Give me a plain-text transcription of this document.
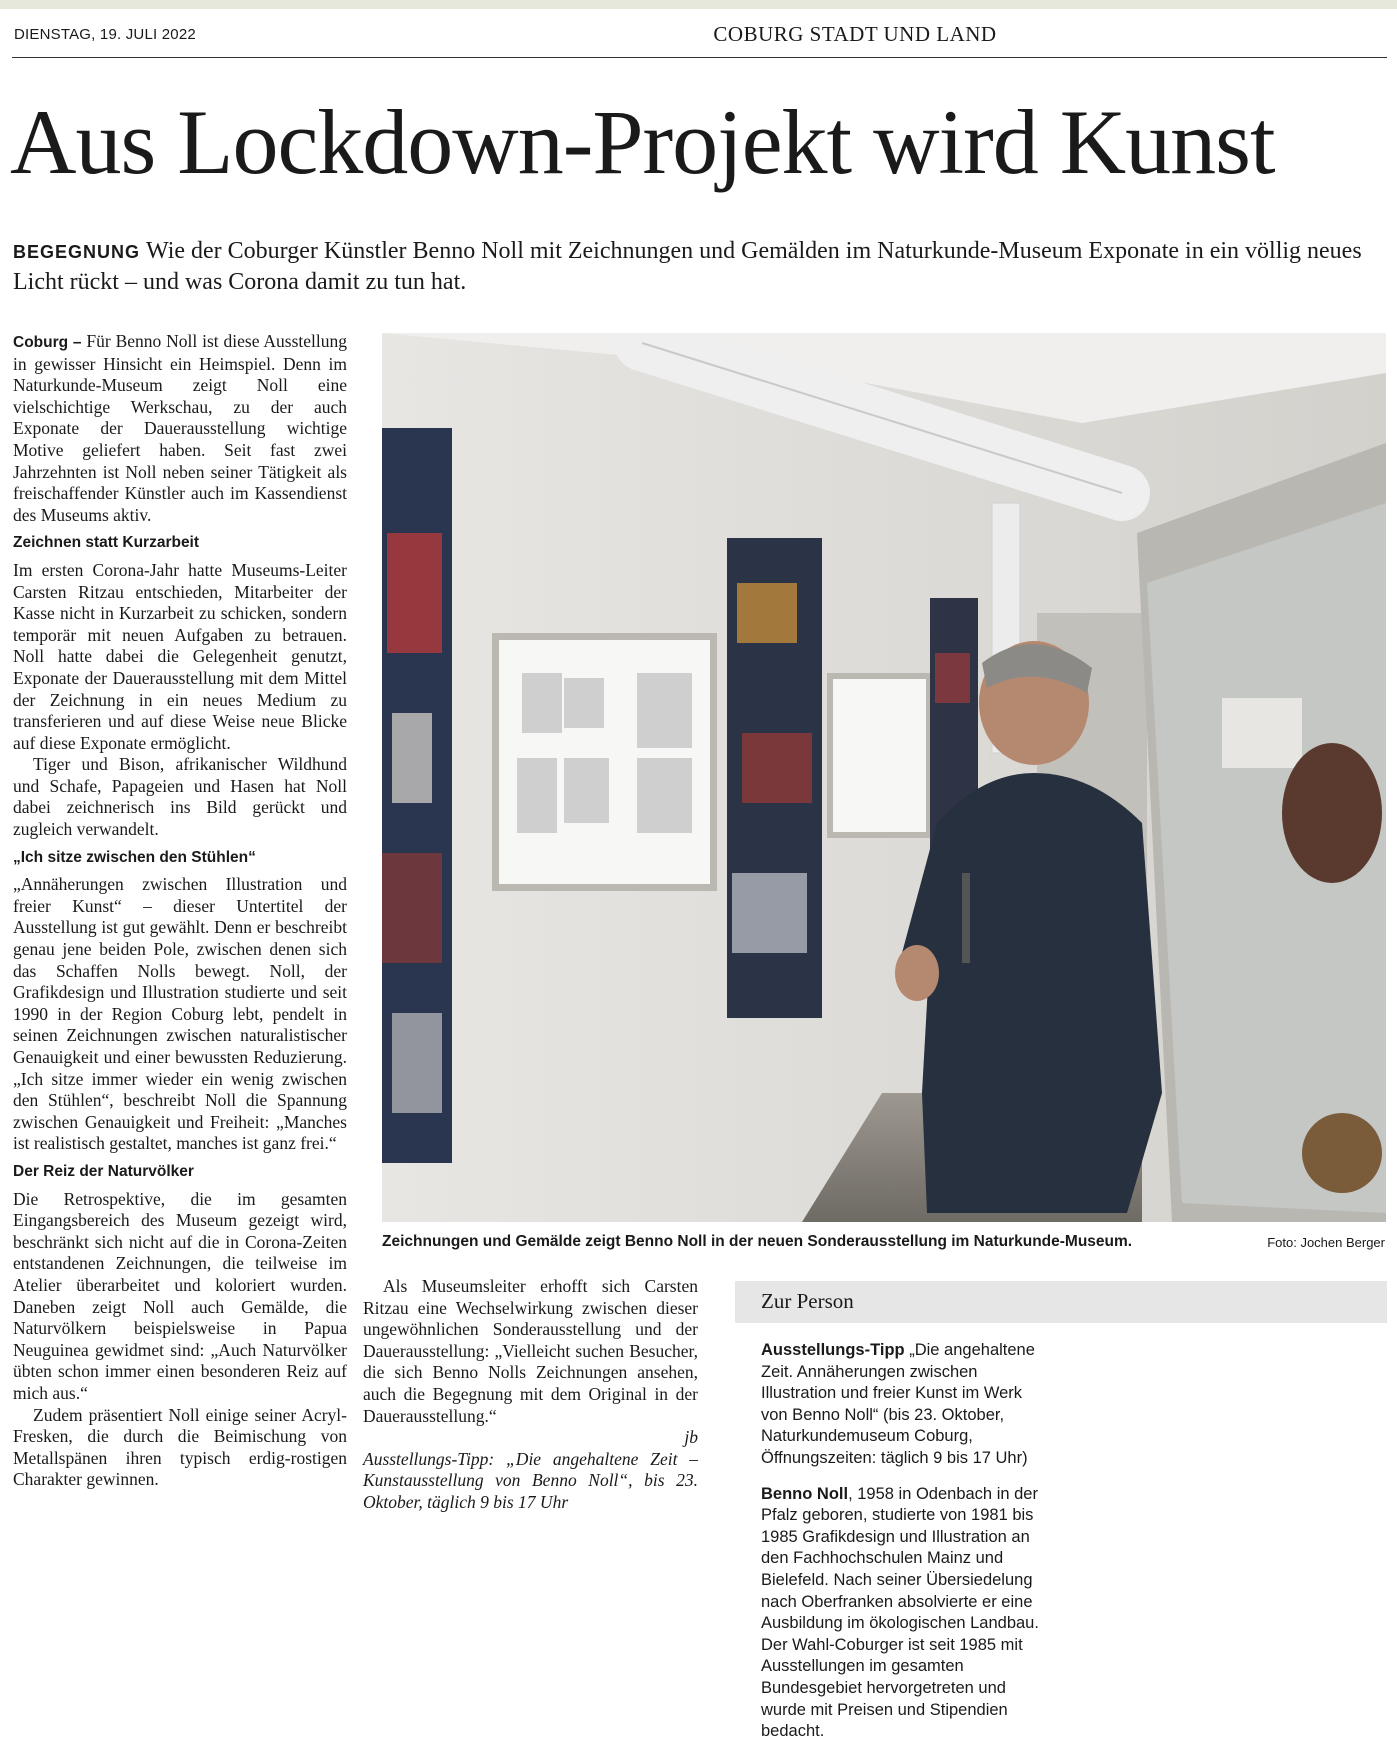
DIENSTAG, 19. JULI 2022	COBURG STADT UND LAND
Aus Lockdown-Projekt wird Kunst
BEGEGNUNG Wie der Coburger Künstler Benno Noll mit Zeichnungen und Gemälden im Naturkunde-Museum Exponate in ein völlig neues Licht rückt – und was Corona damit zu tun hat.

Coburg – Für Benno Noll ist diese Ausstellung in gewisser Hinsicht ein Heimspiel. Denn im Naturkunde-Museum zeigt Noll eine vielschichtige Werkschau, zu der auch Exponate der Dauerausstellung wichtige Motive geliefert haben. Seit fast zwei Jahrzehnten ist Noll neben seiner Tätigkeit als freischaffender Künstler auch im Kassendienst des Museums aktiv.

Zeichnen statt Kurzarbeit

Im ersten Corona-Jahr hatte Museums-Leiter Carsten Ritzau entschieden, Mitarbeiter der Kasse nicht in Kurzarbeit zu schicken, sondern temporär mit neuen Aufgaben zu betrauen. Noll hatte dabei die Gelegenheit genutzt, Exponate der Dauerausstellung mit dem Mittel der Zeichnung in ein neues Medium zu transferieren und auf diese Weise neue Blicke auf diese Exponate ermöglicht.

Tiger und Bison, afrikanischer Wildhund und Schafe, Papageien und Hasen hat Noll dabei zeichnerisch ins Bild gerückt und zugleich verwandelt.

„Ich sitze zwischen den Stühlen“

„Annäherungen zwischen Illustration und freier Kunst“ – dieser Untertitel der Ausstellung ist gut gewählt. Denn er beschreibt genau jene beiden Pole, zwischen denen sich das Schaffen Nolls bewegt. Noll, der Grafikdesign und Illustration studierte und seit 1990 in der Region Coburg lebt, pendelt in seinen Zeichnungen zwischen naturalistischer Genauigkeit und einer bewussten Reduzierung. „Ich sitze immer wieder ein wenig zwischen den Stühlen“, beschreibt Noll die Spannung zwischen Genauigkeit und Freiheit: „Manches ist realistisch gestaltet, manches ist ganz frei.“

Der Reiz der Naturvölker

Die Retrospektive, die im gesamten Eingangsbereich des Museum gezeigt wird, beschränkt sich nicht auf die in Corona-Zeiten entstandenen Zeichnungen, die teilweise im Atelier überarbeitet und koloriert wurden. Daneben zeigt Noll auch Gemälde, die Naturvölkern beispielsweise in Papua Neuguinea gewidmet sind: „Auch Naturvölker übten schon immer einen besonderen Reiz auf mich aus.“

Zudem präsentiert Noll einige seiner Acryl-Fresken, die durch die Beimischung von Metallspänen ihren typisch erdig-rostigen Charakter gewinnen.

Als Museumsleiter erhofft sich Carsten Ritzau eine Wechselwirkung zwischen dieser ungewöhnlichen Sonderausstellung und der Dauerausstellung: „Vielleicht suchen Besucher, die sich Benno Nolls Zeichnungen ansehen, auch die Begegnung mit dem Original in der Dauerausstellung.“

jb

Ausstellungs-Tipp: „Die angehaltene Zeit – Kunstausstellung von Benno Noll“, bis 23. Oktober, täglich 9 bis 17 Uhr

Zeichnungen und Gemälde zeigt Benno Noll in der neuen Sonderausstellung im Naturkunde-Museum.	Foto: Jochen Berger
Zur Person

Ausstellungs-Tipp „Die angehaltene Zeit. Annäherungen zwischen Illustration und freier Kunst im Werk von Benno Noll“ (bis 23. Oktober, Naturkundemuseum Coburg, Öffnungszeiten: täglich 9 bis 17 Uhr)

Benno Noll, 1958 in Odenbach in der Pfalz geboren, studierte von 1981 bis 1985 Grafikdesign und Illustration an den Fachhochschulen Mainz und Bielefeld. Nach seiner Übersiedelung nach Oberfranken absolvierte er eine Ausbildung im ökologischen Landbau. Der Wahl-Coburger ist seit 1985 mit Ausstellungen im gesamten Bundesgebiet hervorgetreten und wurde mit Preisen und Stipendien bedacht.
